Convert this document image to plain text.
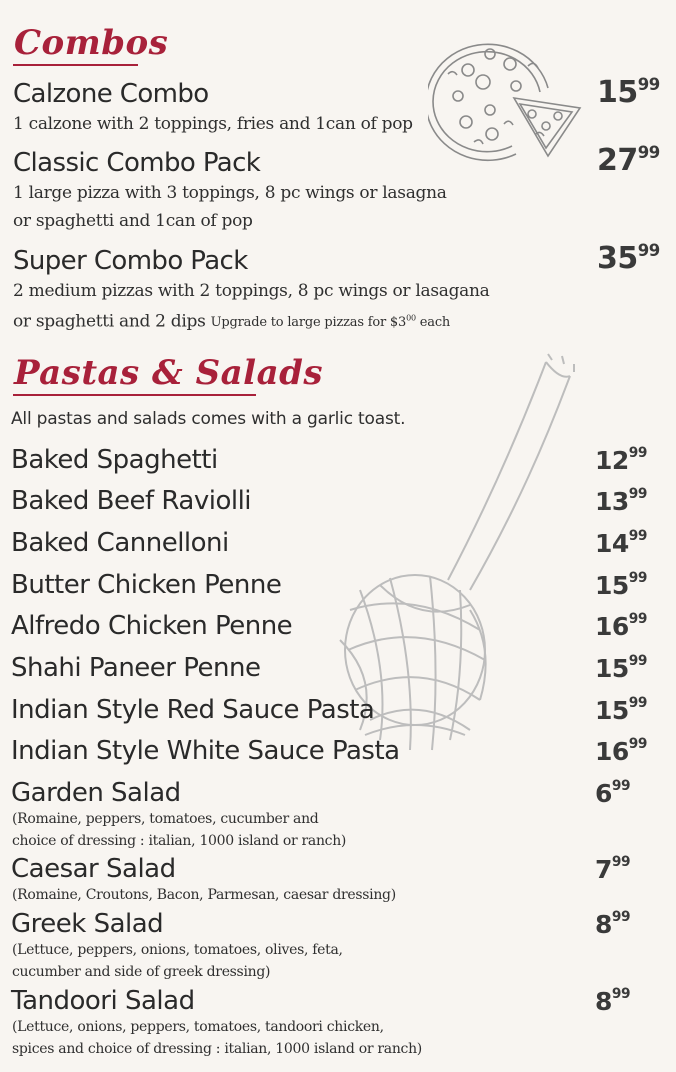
Combos
Calzone Combo

1 calzone with 2 toppings, fries and 1can of pop

$15^{99}$
Classic Combo Pack

1 large pizza with 3 toppings, 8 pc wings or lasagna

or spaghetti and 1can of pop

$27^{99}$
Super Combo Pack

2 medium pizzas with 2 toppings, 8 pc wings or lasagana

or spaghetti and 2 dips Upgrade to large pizzas for $\$3^{00}$ each

$35^{99}$
Pastas & Salads

All pastas and salads comes with a garlic toast.

Baked Spaghetti	$12^{99}$
Baked Beef Raviolli	$13^{99}$
Baked Cannelloni	$14^{99}$
Butter Chicken Penne	$15^{99}$
Alfredo Chicken Penne	$16^{99}$
Shahi Paneer Penne	$15^{99}$
Indian Style Red Sauce Pasta	$15^{99}$
Indian Style White Sauce Pasta	$16^{99}$
Garden Salad	$6^{99}$

(Romaine, peppers, tomatoes, cucumber and

choice of dressing : italian, 1000 island or ranch)

Caesar Salad	$7^{99}$

(Romaine, Croutons, Bacon, Parmesan, caesar dressing)

Greek Salad	$8^{99}$

(Lettuce, peppers, onions, tomatoes, olives, feta,

cucumber and side of greek dressing)

Tandoori Salad	$8^{99}$

(Lettuce, onions, peppers, tomatoes, tandoori chicken,

spices and choice of dressing : italian, 1000 island or ranch)
